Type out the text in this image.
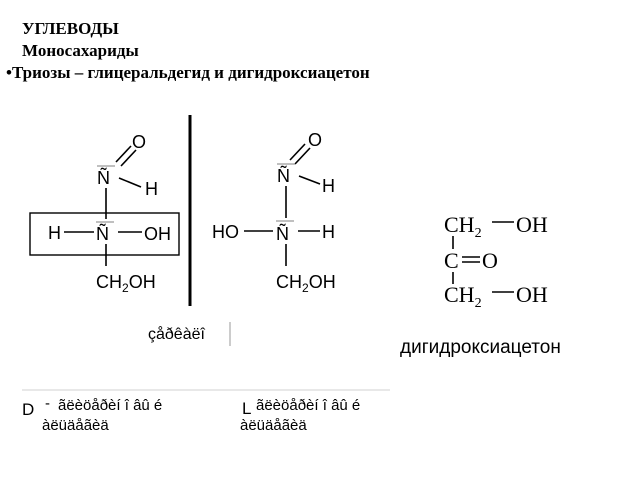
УГЛЕВОДЫ
Моносахариды
•Триозы – глицеральдегид и дигидроксиацетон
O
Ñ
H
H Ñ OH
$CH_2OH$
çåðêàëî
O
Ñ H
HO Ñ H
$CH_2OH$
$CH_2$ OH
C O
$CH_2$ OH
дигидроксиацетон
D - ãëèöåðèí î âû é
àëüäåãèä
L ãëèöåðèí î âû é
àëüäåãèä
